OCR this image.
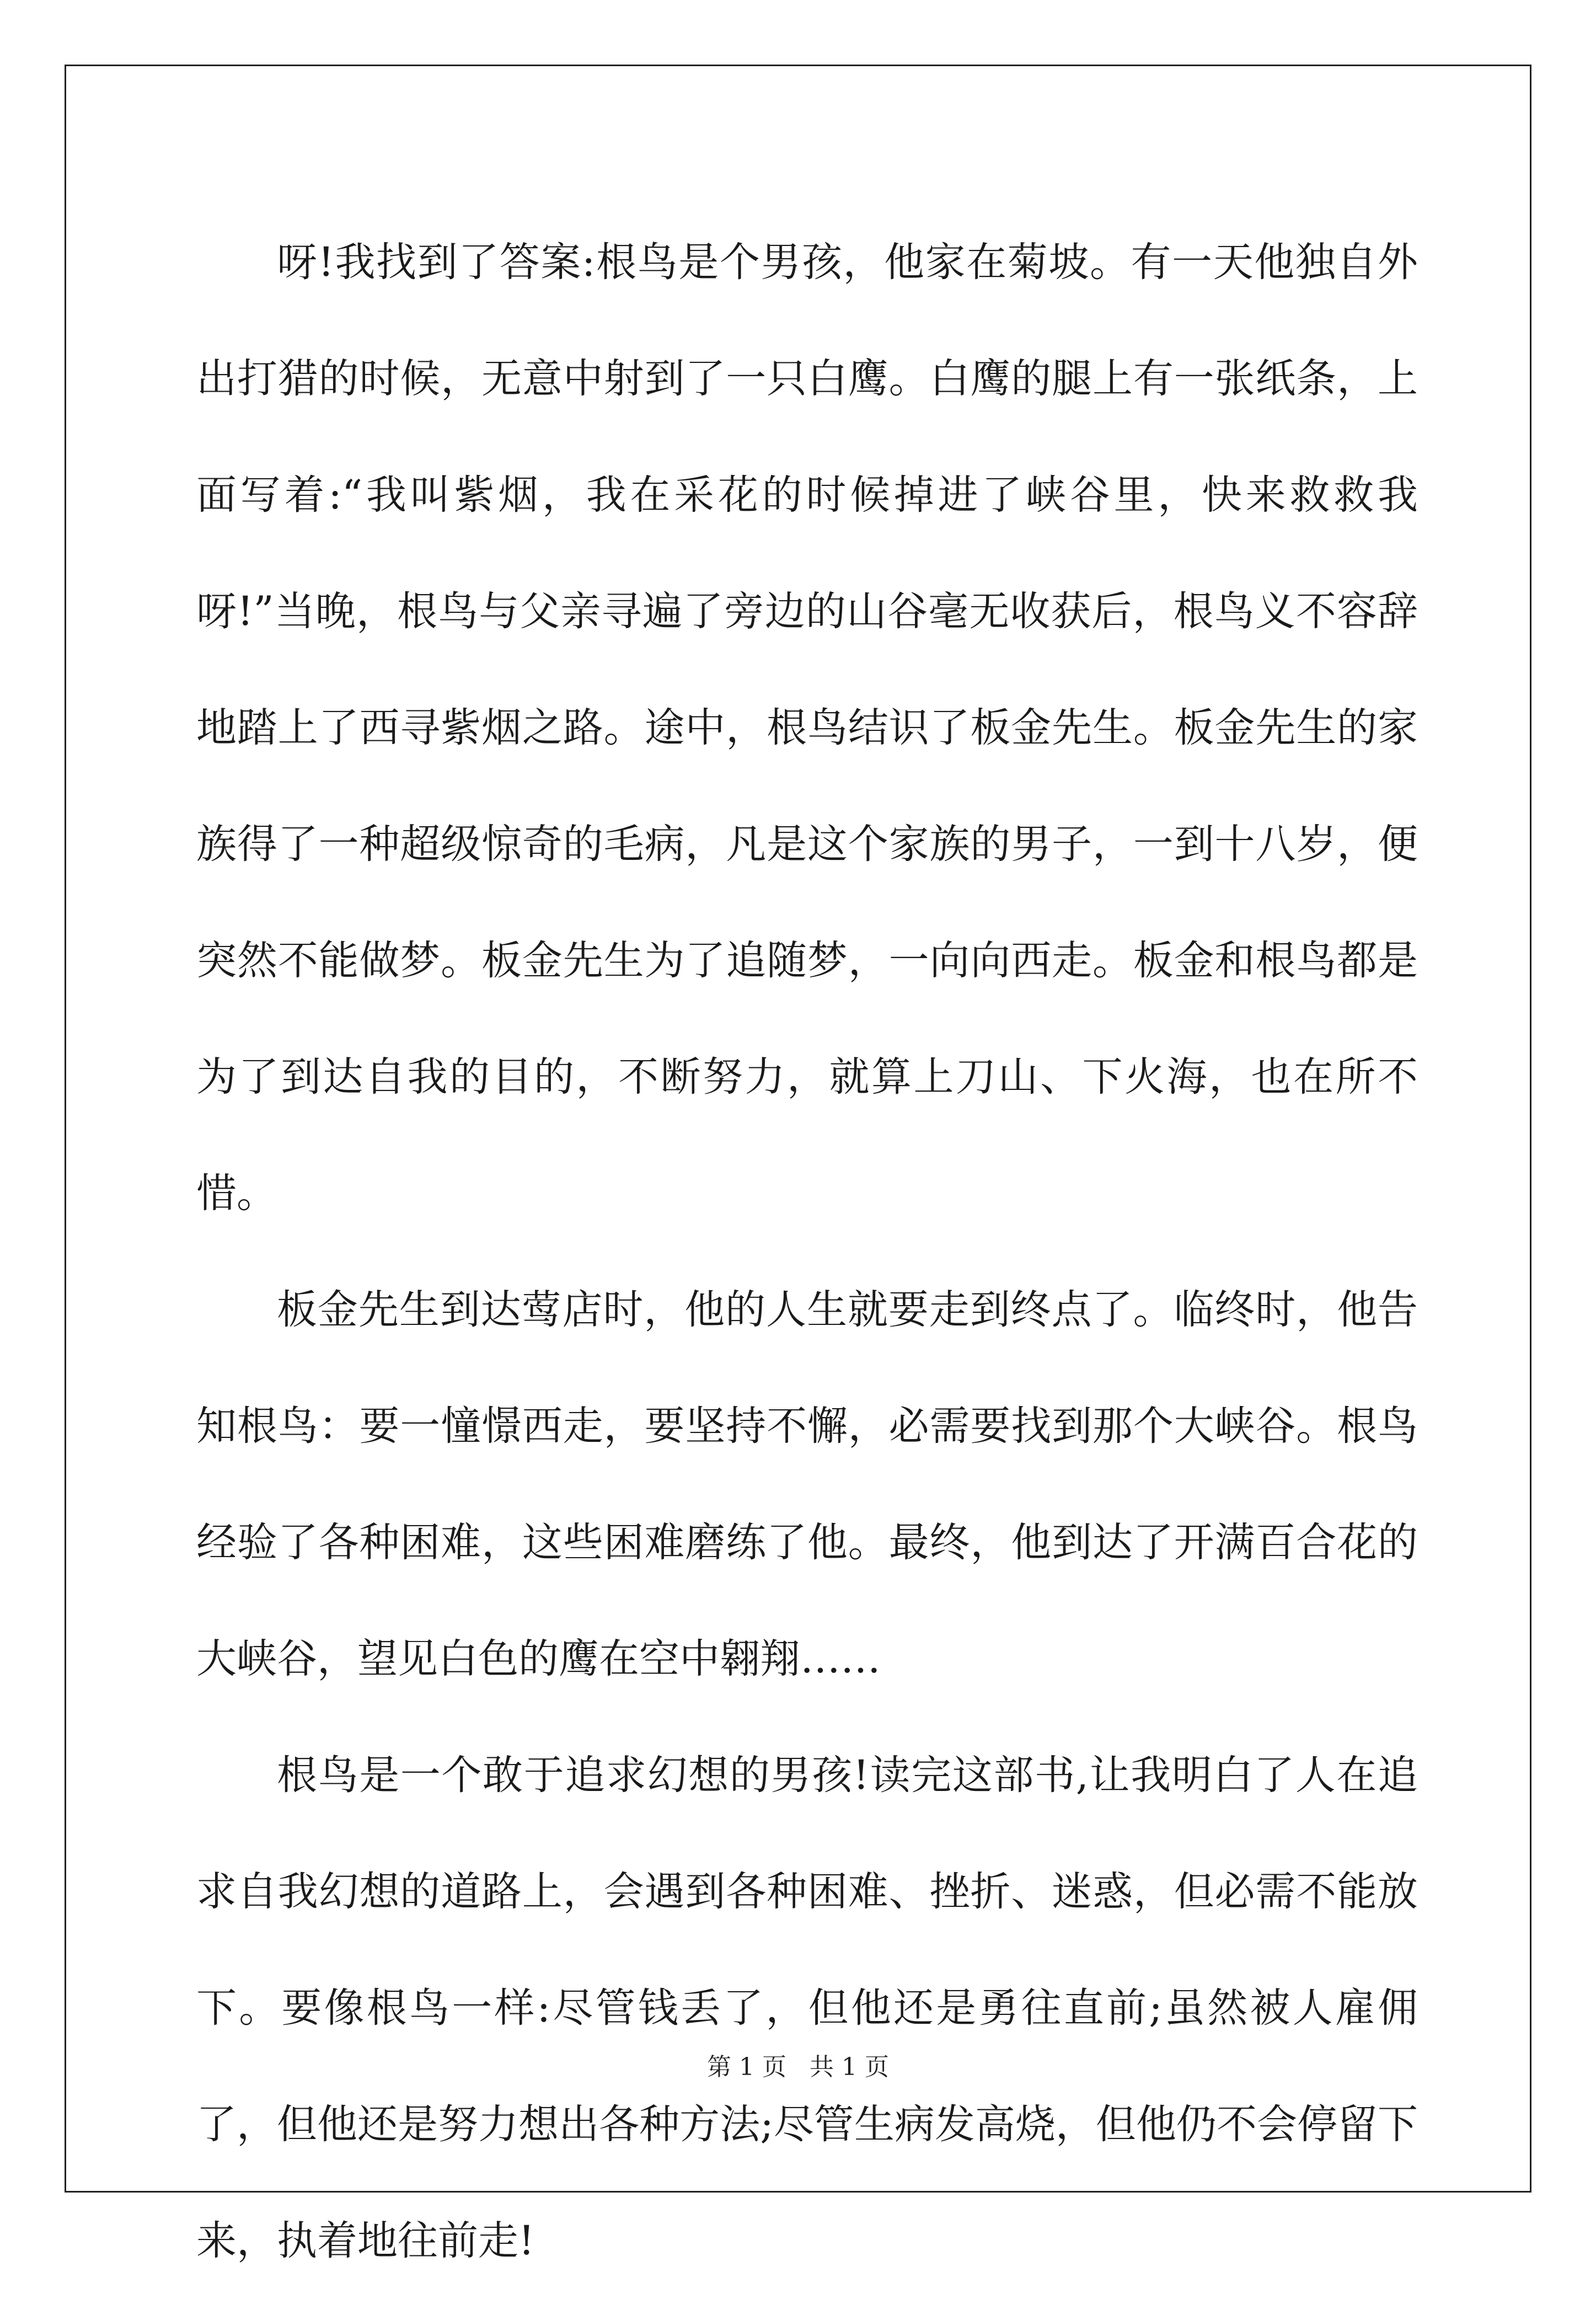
呀!我找到了答案:根鸟是个男孩，他家在菊坡。有一天他独自外出打猎的时候，无意中射到了一只白鹰。白鹰的腿上有一张纸条，上面写着:“我叫紫烟，我在采花的时候掉进了峡谷里，快来救救我呀!”当晚，根鸟与父亲寻遍了旁边的山谷毫无收获后，根鸟义不容辞地踏上了西寻紫烟之路。途中，根鸟结识了板金先生。板金先生的家族得了一种超级惊奇的毛病，凡是这个家族的男子，一到十八岁，便突然不能做梦。板金先生为了追随梦，一向向西走。板金和根鸟都是为了到达自我的目的，不断努力，就算上刀山、下火海，也在所不惜。

板金先生到达莺店时，他的人生就要走到终点了。临终时，他告知根鸟：要一憧憬西走，要坚持不懈，必需要找到那个大峡谷。根鸟经验了各种困难，这些困难磨练了他。最终，他到达了开满百合花的大峡谷，望见白色的鹰在空中翱翔……

根鸟是一个敢于追求幻想的男孩!读完这部书,让我明白了人在追求自我幻想的道路上，会遇到各种困难、挫折、迷惑，但必需不能放下。要像根鸟一样:尽管钱丢了，但他还是勇往直前;虽然被人雇佣了，但他还是努力想出各种方法;尽管生病发高烧，但他仍不会停留下来，执着地往前走!

第 1 页   共 1 页
